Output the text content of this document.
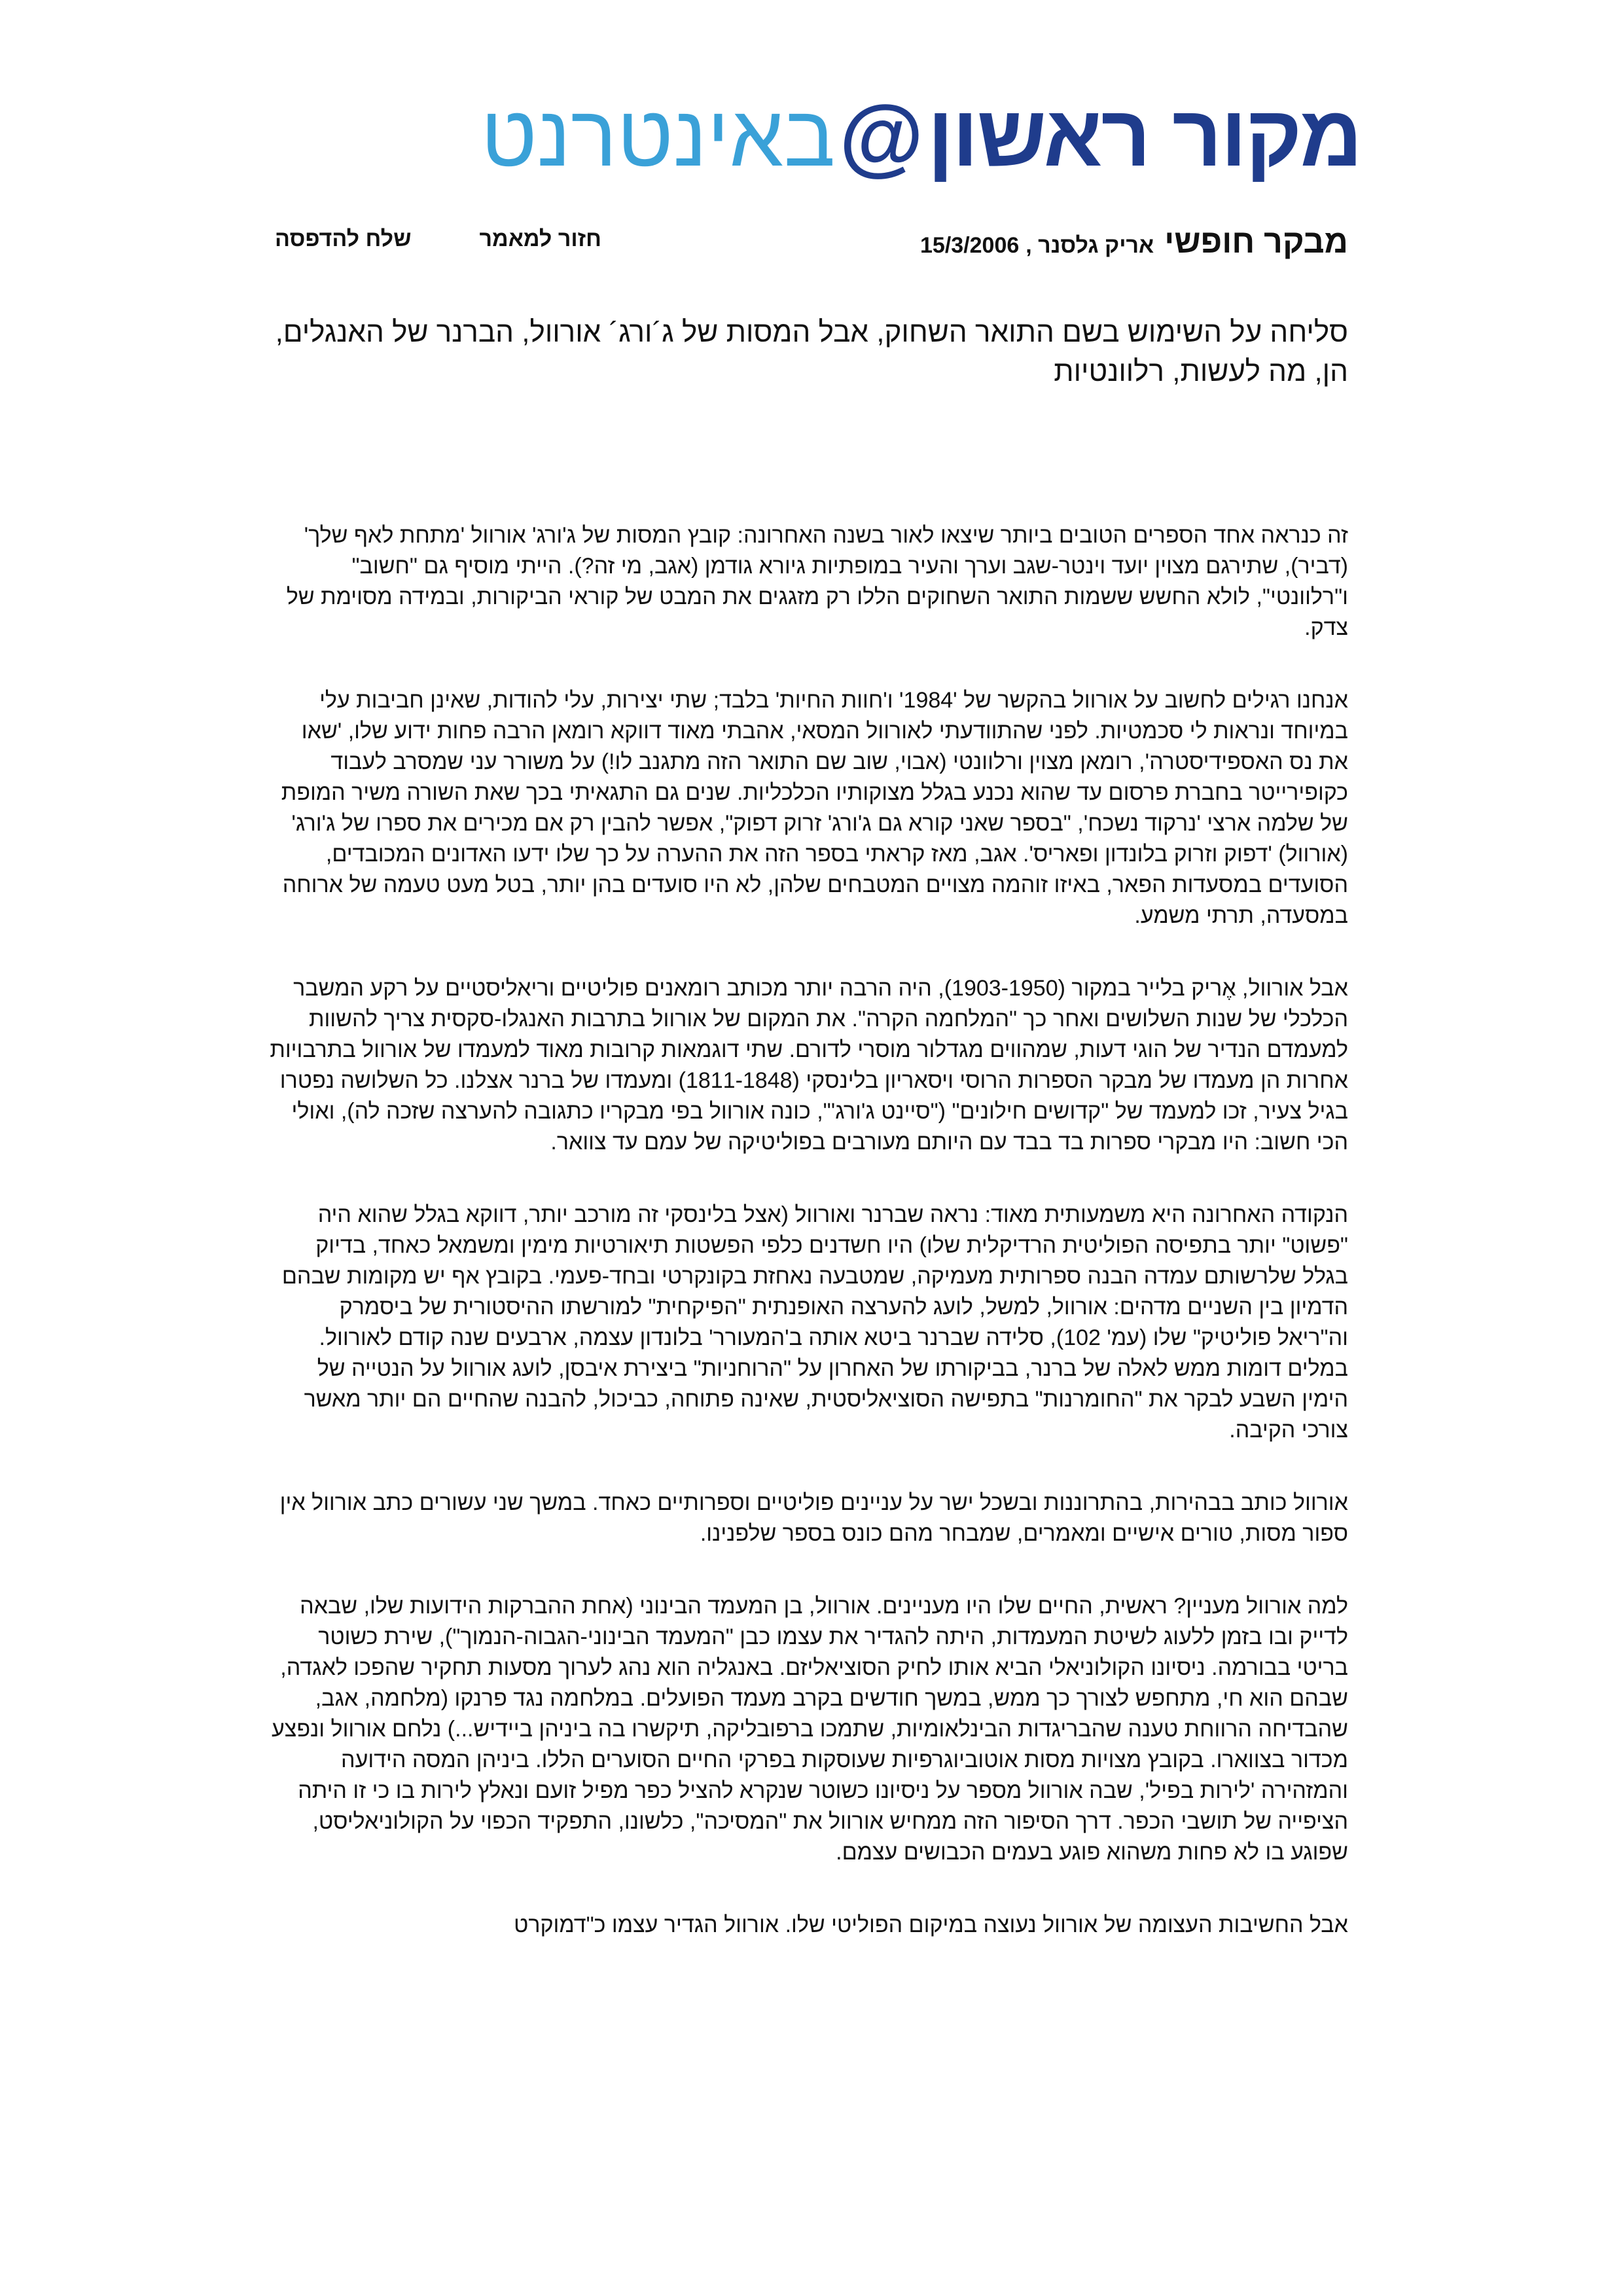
מקור ראשון
@
באינטרנט
מבקר חופשי
אריק גלסנר ,
15/3/2006
שלח להדפסה	חזור למאמר
סליחה על השימוש בשם התואר השחוק, אבל המסות של ג´ורג´ אורוול, הברנר של האנגלים, הן, מה לעשות, רלוונטיות

זה כנראה אחד הספרים הטובים ביותר שיצאו לאור בשנה האחרונה: קובץ המסות של ג'ורג' אורוול 'מתחת לאף שלך' (דביר), שתירגם מצוין יועד וינטר-שגב וערך והעיר במופתיות גיורא גודמן (אגב, מי זה?). הייתי מוסיף גם "חשוב" ו"רלוונטי", לולא החשש ששמות התואר השחוקים הללו רק מזגגים את המבט של קוראי הביקורות, ובמידה מסוימת של צדק.

אנחנו רגילים לחשוב על אורוול בהקשר של '1984' ו'חוות החיות' בלבד; שתי יצירות, עלי להודות, שאינן חביבות עלי במיוחד ונראות לי סכמטיות. לפני שהתוודעתי לאורוול המסאי, אהבתי מאוד דווקא רומאן הרבה פחות ידוע שלו, 'שאו את נס האספידיסטרה', רומאן מצוין ורלוונטי (אבוי, שוב שם התואר הזה מתגנב לו!) על משורר עני שמסרב לעבוד כקופירייטר בחברת פרסום עד שהוא נכנע בגלל מצוקותיו הכלכליות. שנים גם התגאיתי בכך שאת השורה משיר המופת של שלמה ארצי 'נרקוד נשכח', "בספר שאני קורא גם ג'ורג' זרוק דפוק", אפשר להבין רק אם מכירים את ספרו של ג'ורג' (אורוול) 'דפוק וזרוק בלונדון ופאריס'. אגב, מאז קראתי בספר הזה את ההערה על כך שלו ידעו האדונים המכובדים, הסועדים במסעדות הפאר, באיזו זוהמה מצויים המטבחים שלהן, לא היו סועדים בהן יותר, בטל מעט טעמה של ארוחה במסעדה, תרתי משמע.

אבל אורוול, אֶריק בלייר במקור (1903-1950), היה הרבה יותר מכותב רומאנים פוליטיים וריאליסטיים על רקע המשבר הכלכלי של שנות השלושים ואחר כך "המלחמה הקרה". את המקום של אורוול בתרבות האנגלו-סקסית צריך להשוות למעמדם הנדיר של הוגי דעות, שמהווים מגדלור מוסרי לדורם. שתי דוגמאות קרובות מאוד למעמדו של אורוול בתרבויות אחרות הן מעמדו של מבקר הספרות הרוסי ויסאריון בלינסקי (1811-1848) ומעמדו של ברנר אצלנו. כל השלושה נפטרו בגיל צעיר, זכו למעמד של "קדושים חילונים" ("סיינט ג'ורג'", כונה אורוול בפי מבקריו כתגובה להערצה שזכה לה), ואולי הכי חשוב: היו מבקרי ספרות בד בבד עם היותם מעורבים בפוליטיקה של עמם עד צוואר.

הנקודה האחרונה היא משמעותית מאוד: נראה שברנר ואורוול (אצל בלינסקי זה מורכב יותר, דווקא בגלל שהוא היה "פשוט" יותר בתפיסה הפוליטית הרדיקלית שלו) היו חשדנים כלפי הפשטות תיאורטיות מימין ומשמאל כאחד, בדיוק בגלל שלרשותם עמדה הבנה ספרותית מעמיקה, שמטבעה נאחזת בקונקרטי ובחד-פעמי. בקובץ אף יש מקומות שבהם הדמיון בין השניים מדהים: אורוול, למשל, לועג להערצה האופנתית "הפיקחית" למורשתו ההיסטורית של ביסמרק וה"ריאל פוליטיק" שלו (עמ' 102), סלידה שברנר ביטא אותה ב'המעורר' בלונדון עצמה, ארבעים שנה קודם לאורוול. במלים דומות ממש לאלה של ברנר, בביקורתו של האחרון על "הרוחניות" ביצירת איבסן, לועג אורוול על הנטייה של הימין השבע לבקר את "החומרנות" בתפישה הסוציאליסטית, שאינה פתוחה, כביכול, להבנה שהחיים הם יותר מאשר צורכי הקיבה.

אורוול כותב בבהירות, בהתרוננות ובשכל ישר על עניינים פוליטיים וספרותיים כאחד. במשך שני עשורים כתב אורוול אין ספור מסות, טורים אישיים ומאמרים, שמבחר מהם כונס בספר שלפנינו.

למה אורוול מעניין? ראשית, החיים שלו היו מעניינים. אורוול, בן המעמד הבינוני (אחת ההברקות הידועות שלו, שבאה לדייק ובו בזמן ללעוג לשיטת המעמדות, היתה להגדיר את עצמו כבן "המעמד הבינוני-הגבוה-הנמוך"), שירת כשוטר בריטי בבורמה. ניסיונו הקולוניאלי הביא אותו לחיק הסוציאליזם. באנגליה הוא נהג לערוך מסעות תחקיר שהפכו לאגדה, שבהם הוא חי, מתחפש לצורך כך ממש, במשך חודשים בקרב מעמד הפועלים. במלחמה נגד פרנקו (מלחמה, אגב, שהבדיחה הרווחת טענה שהבריגדות הבינלאומיות, שתמכו ברפובליקה, תיקשרו בה ביניהן ביידיש...) נלחם אורוול ונפצע מכדור בצווארו. בקובץ מצויות מסות אוטוביוגרפיות שעוסקות בפרקי החיים הסוערים הללו. ביניהן המסה הידועה והמזהירה 'לירות בפיל', שבה אורוול מספר על ניסיונו כשוטר שנקרא להציל כפר מפיל זועם ונאלץ לירות בו כי זו היתה הציפייה של תושבי הכפר. דרך הסיפור הזה ממחיש אורוול את "המסיכה", כלשונו, התפקיד הכפוי על הקולוניאליסט, שפוגע בו לא פחות משהוא פוגע בעמים הכבושים עצמם.

אבל החשיבות העצומה של אורוול נעוצה במיקום הפוליטי שלו. אורוול הגדיר עצמו כ"דמוקרט
